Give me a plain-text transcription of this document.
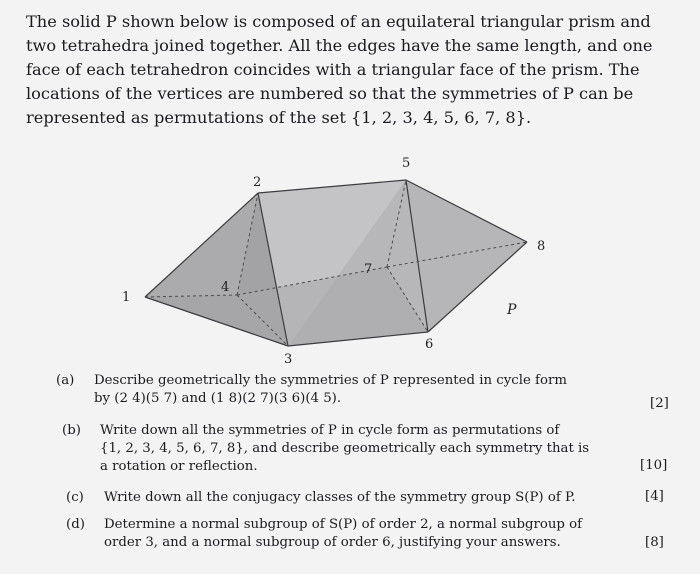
The solid P shown below is composed of an equilateral triangular prism and

two tetrahedra joined together. All the edges have the same length, and one

face of each tetrahedron coincides with a triangular face of the prism. The

locations of the vertices are numbered so that the symmetries of P can be

represented as permutations of the set {1, 2, 3, 4, 5, 6, 7, 8}.

1
2
3
4
5
6
7
8
P
(a) Describe geometrically the symmetries of P represented in cycle form
by (2 4)(5 7) and (1 8)(2 7)(3 6)(4 5).	[2]
(b) Write down all the symmetries of P in cycle form as permutations of
{1, 2, 3, 4, 5, 6, 7, 8}, and describe geometrically each symmetry that is
a rotation or reflection.	[10]
(c) Write down all the conjugacy classes of the symmetry group S(P) of P.	[4]
(d) Determine a normal subgroup of S(P) of order 2, a normal subgroup of
order 3, and a normal subgroup of order 6, justifying your answers.	[8]
